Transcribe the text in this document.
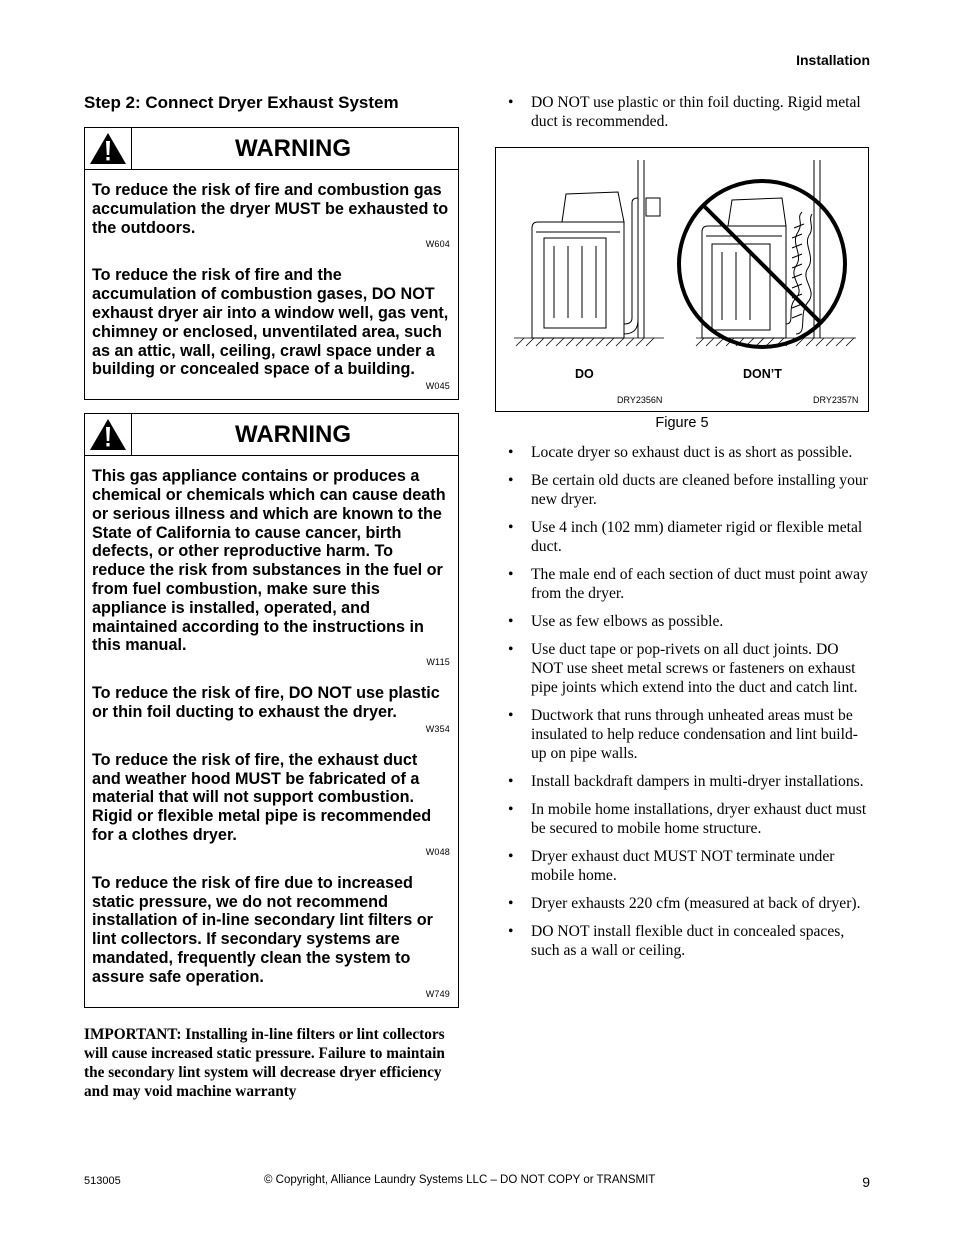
Installation
Step 2: Connect Dryer Exhaust System
WARNING
To reduce the risk of fire and combustion gas accumulation the dryer MUST be exhausted to the outdoors.
W604
To reduce the risk of fire and the accumulation of combustion gases, DO NOT exhaust dryer air into a window well, gas vent, chimney or enclosed, unventilated area, such as an attic, wall, ceiling, crawl space under a building or concealed space of a building.
W045
WARNING
This gas appliance contains or produces a chemical or chemicals which can cause death or serious illness and which are known to the State of California to cause cancer, birth defects, or other reproductive harm. To reduce the risk from substances in the fuel or from fuel combustion, make sure this appliance is installed, operated, and maintained according to the instructions in this manual.
W115
To reduce the risk of fire, DO NOT use plastic or thin foil ducting to exhaust the dryer.
W354
To reduce the risk of fire, the exhaust duct and weather hood MUST be fabricated of a material that will not support combustion. Rigid or flexible metal pipe is recommended for a clothes dryer.
W048
To reduce the risk of fire due to increased static pressure, we do not recommend installation of in-line secondary lint filters or lint collectors. If secondary systems are mandated, frequently clean the system to assure safe operation.
W749
IMPORTANT: Installing in-line filters or lint collectors will cause increased static pressure. Failure to maintain the secondary lint system will decrease dryer efficiency and may void machine warranty
•	DO NOT use plastic or thin foil ducting. Rigid metal duct is recommended.
DO	DON’T
DRY2356N	DRY2357N
Figure 5
•	Locate dryer so exhaust duct is as short as possible.
•	Be certain old ducts are cleaned before installing your new dryer.
•	Use 4 inch (102 mm) diameter rigid or flexible metal duct.
•	The male end of each section of duct must point away from the dryer.
•	Use as few elbows as possible.
•	Use duct tape or pop-rivets on all duct joints. DO NOT use sheet metal screws or fasteners on exhaust pipe joints which extend into the duct and catch lint.
•	Ductwork that runs through unheated areas must be insulated to help reduce condensation and lint build-up on pipe walls.
•	Install backdraft dampers in multi-dryer installations.
•	In mobile home installations, dryer exhaust duct must be secured to mobile home structure.
•	Dryer exhaust duct MUST NOT terminate under mobile home.
•	Dryer exhausts 220 cfm (measured at back of dryer).
•	DO NOT install flexible duct in concealed spaces, such as a wall or ceiling.
513005	© Copyright, Alliance Laundry Systems LLC – DO NOT COPY or TRANSMIT	9
